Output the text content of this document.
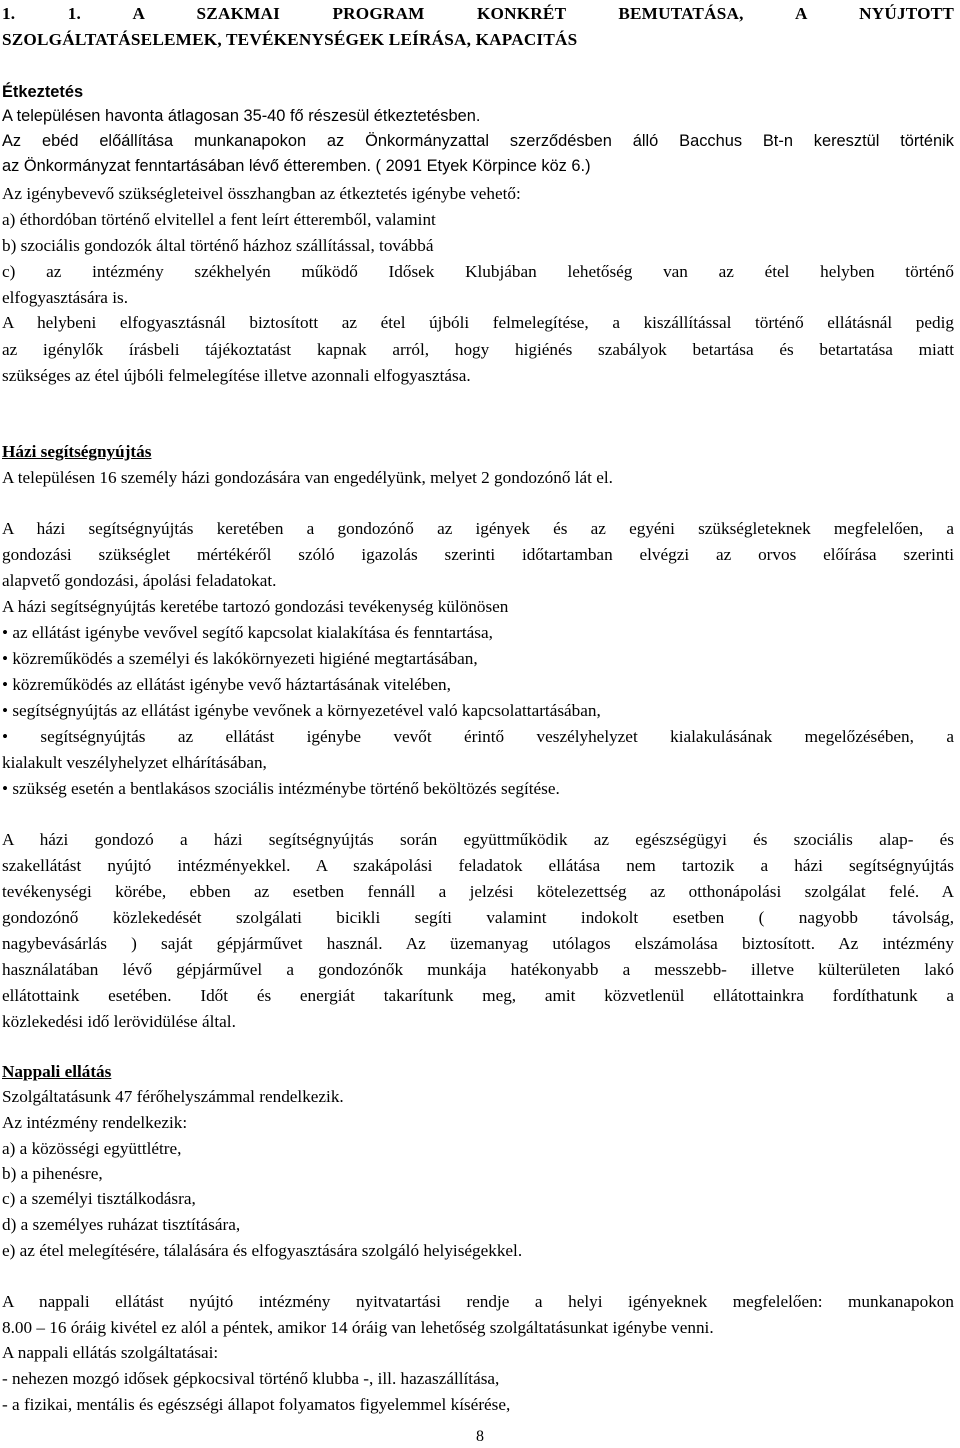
1. 1. A SZAKMAI PROGRAM KONKRÉT BEMUTATÁSA, A NYÚJTOTT
SZOLGÁLTATÁSELEMEK, TEVÉKENYSÉGEK LEÍRÁSA, KAPACITÁS
Étkeztetés
A településen havonta átlagosan 35-40 fő részesül étkeztetésben.
Az ebéd előállítása munkanapokon az Önkormányzattal szerződésben álló Bacchus Bt-n keresztül történik
az Önkormányzat fenntartásában lévő étteremben. ( 2091 Etyek Körpince köz 6.)
Az igénybevevő szükségleteivel összhangban az étkeztetés igénybe vehető:
a) éthordóban történő elvitellel a fent leírt étteremből, valamint
b) szociális gondozók által történő házhoz szállítással, továbbá
c) az intézmény székhelyén működő Idősek Klubjában lehetőség van az étel helyben történő
elfogyasztására is.
A helybeni elfogyasztásnál biztosított az étel újbóli felmelegítése, a kiszállítással történő ellátásnál pedig
az igénylők írásbeli tájékoztatást kapnak arról, hogy higiénés szabályok betartása és betartatása miatt
szükséges az étel újbóli felmelegítése illetve azonnali elfogyasztása.
Házi segítségnyújtás
A településen 16 személy házi gondozására van engedélyünk, melyet 2 gondozónő lát el.
A házi segítségnyújtás keretében a gondozónő az igények és az egyéni szükségleteknek megfelelően, a
gondozási szükséglet mértékéről szóló igazolás szerinti időtartamban elvégzi az orvos előírása szerinti
alapvető gondozási, ápolási feladatokat.
A házi segítségnyújtás keretébe tartozó gondozási tevékenység különösen
• az ellátást igénybe vevővel segítő kapcsolat kialakítása és fenntartása,
• közreműködés a személyi és lakókörnyezeti higiéné megtartásában,
• közreműködés az ellátást igénybe vevő háztartásának vitelében,
• segítségnyújtás az ellátást igénybe vevőnek a környezetével való kapcsolattartásában,
• segítségnyújtás az ellátást igénybe vevőt érintő veszélyhelyzet kialakulásának megelőzésében, a
kialakult veszélyhelyzet elhárításában,
• szükség esetén a bentlakásos szociális intézménybe történő beköltözés segítése.
A házi gondozó a házi segítségnyújtás során együttműködik az egészségügyi és szociális alap- és
szakellátást nyújtó intézményekkel. A szakápolási feladatok ellátása nem tartozik a házi segítségnyújtás
tevékenységi körébe, ebben az esetben fennáll a jelzési kötelezettség az otthonápolási szolgálat felé. A
gondozónő közlekedését szolgálati bicikli segíti valamint indokolt esetben ( nagyobb távolság,
nagybevásárlás ) saját gépjárművet használ. Az üzemanyag utólagos elszámolása biztosított. Az intézmény
használatában lévő gépjárművel a gondozónők munkája hatékonyabb a messzebb- illetve külterületen lakó
ellátottaink esetében. Időt és energiát takarítunk meg, amit közvetlenül ellátottainkra fordíthatunk a
közlekedési idő lerövidülése által.
Nappali ellátás
Szolgáltatásunk 47 férőhelyszámmal rendelkezik.
Az intézmény rendelkezik:
a) a közösségi együttlétre,
b) a pihenésre,
c) a személyi tisztálkodásra,
d) a személyes ruházat tisztítására,
e) az étel melegítésére, tálalására és elfogyasztására szolgáló helyiségekkel.
A nappali ellátást nyújtó intézmény nyitvatartási rendje a helyi igényeknek megfelelően: munkanapokon
8.00 – 16 óráig kivétel ez alól a péntek, amikor 14 óráig van lehetőség szolgáltatásunkat igénybe venni.
A nappali ellátás szolgáltatásai:
- nehezen mozgó idősek gépkocsival történő klubba -, ill. hazaszállítása,
- a fizikai, mentális és egészségi állapot folyamatos figyelemmel kísérése,
8
